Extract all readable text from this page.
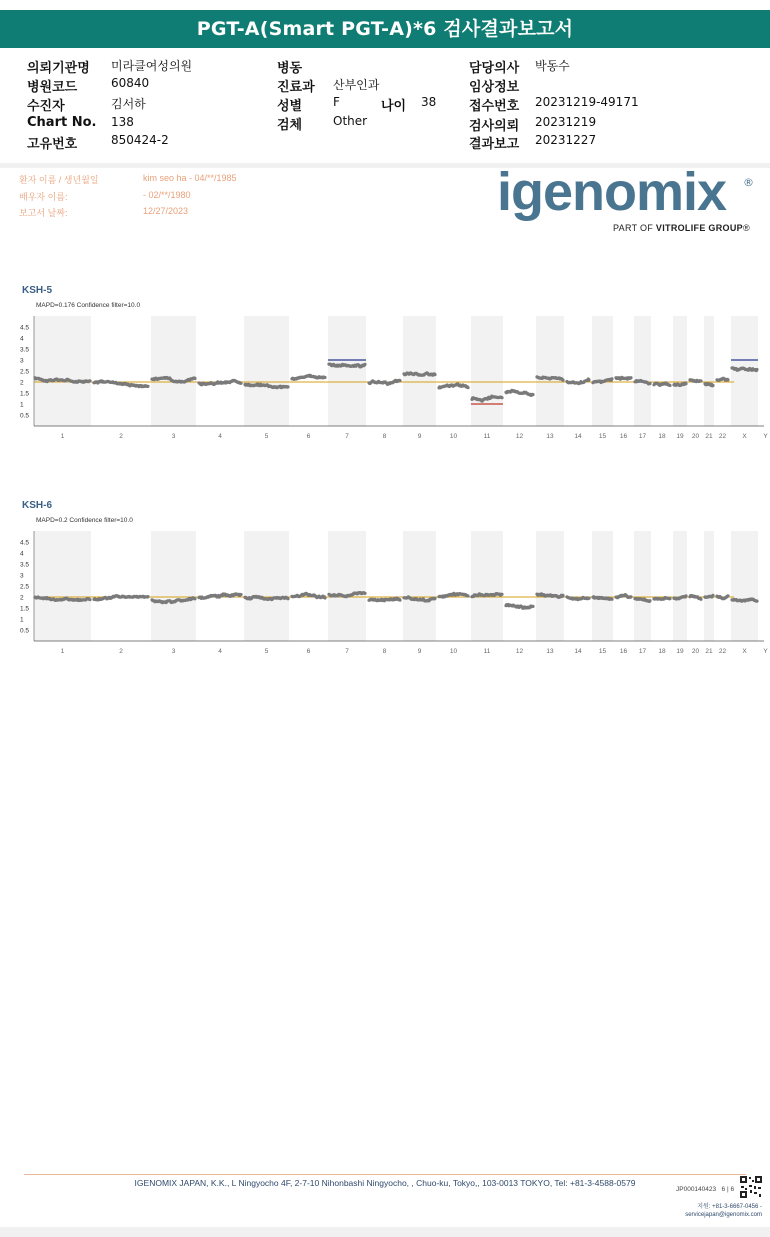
PGT-A(Smart PGT-A)*6 검사결과보고서
의뢰기관명 미라클여성의원
병원코드	60840
수진자	김서하
Chart No. 138
고유번호	850424-2
병동
진료과 산부인과
성별	F	나이 38
검체	Other
담당의사 박동수
임상정보
접수번호 20231219-49171
검사의뢰 20231219
결과보고 20231227
환자 이름 / 생년월일	kim seo ha - 04/**/1985
배우자 이름:	- 02/**/1980
보고서 날짜:	12/27/2023	igenomix ®
PART OF VITROLIFE GROUP®
KSH-5
MAPD=0.176 Confidence filter=10.0
0.5
1
1.5
2
2.5
3
3.5
4
4.5
1	2	3	4	5	6	7	8	9	10	11	12	13	14	15 16 17 18 19 20 21 22 X	Y
KSH-6
MAPD=0.2 Confidence filter=10.0
0.5
1
1.5
2
2.5
3
3.5
4
4.5
1	2	3	4	5	6	7	8	9	10	11	12	13	14	15 16 17 18 19 20 21 22 X	Y
IGENOMIX JAPAN, K.K., L Ningyocho 4F, 2-7-10 Nihonbashi Ningyocho, , Chuo-ku, Tokyo,, 103-0013 TOKYO, Tel: +81-3-4588-0579
JP000140423 6 | 6
지원: +81-3-6667-0456 -
servicejapan@igenomix.com
